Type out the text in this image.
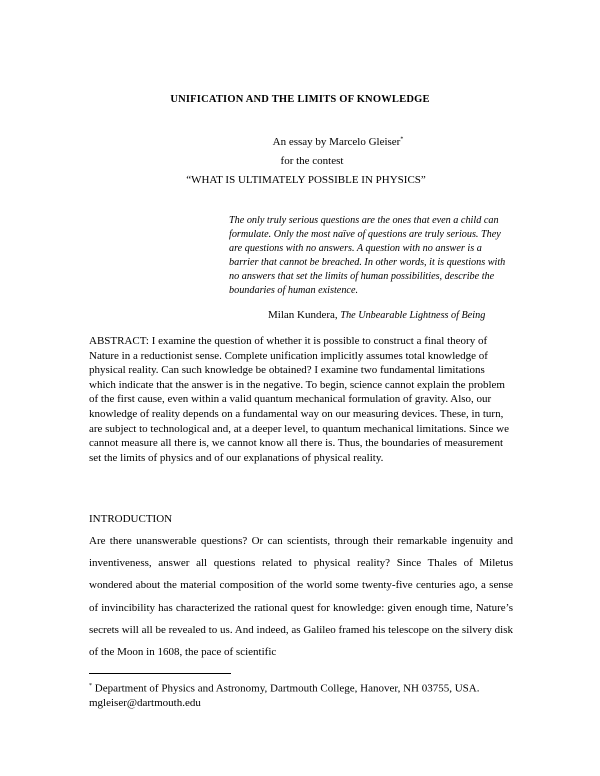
UNIFICATION AND THE LIMITS OF KNOWLEDGE
An essay by Marcelo Gleiser*
for the contest
“WHAT IS ULTIMATELY POSSIBLE IN PHYSICS”
The only truly serious questions are the ones that even a child can formulate. Only the most naïve of questions are truly serious. They are questions with no answers. A question with no answer is a barrier that cannot be breached. In other words, it is questions with no answers that set the limits of human possibilities, describe the boundaries of human existence.
Milan Kundera, The Unbearable Lightness of Being
ABSTRACT: I examine the question of whether it is possible to construct a final theory of Nature in a reductionist sense. Complete unification implicitly assumes total knowledge of physical reality. Can such knowledge be obtained? I examine two fundamental limitations which indicate that the answer is in the negative. To begin, science cannot explain the problem of the first cause, even within a valid quantum mechanical formulation of gravity. Also, our knowledge of reality depends on a fundamental way on our measuring devices. These, in turn, are subject to technological and, at a deeper level, to quantum mechanical limitations. Since we cannot measure all there is, we cannot know all there is. Thus, the boundaries of measurement set the limits of physics and of our explanations of physical reality.
INTRODUCTION
Are there unanswerable questions? Or can scientists, through their remarkable ingenuity and inventiveness, answer all questions related to physical reality? Since Thales of Miletus wondered about the material composition of the world some twenty-five centuries ago, a sense of invincibility has characterized the rational quest for knowledge: given enough time, Nature’s secrets will all be revealed to us. And indeed, as Galileo framed his telescope on the silvery disk of the Moon in 1608, the pace of scientific
* Department of Physics and Astronomy, Dartmouth College, Hanover, NH 03755, USA. mgleiser@dartmouth.edu
